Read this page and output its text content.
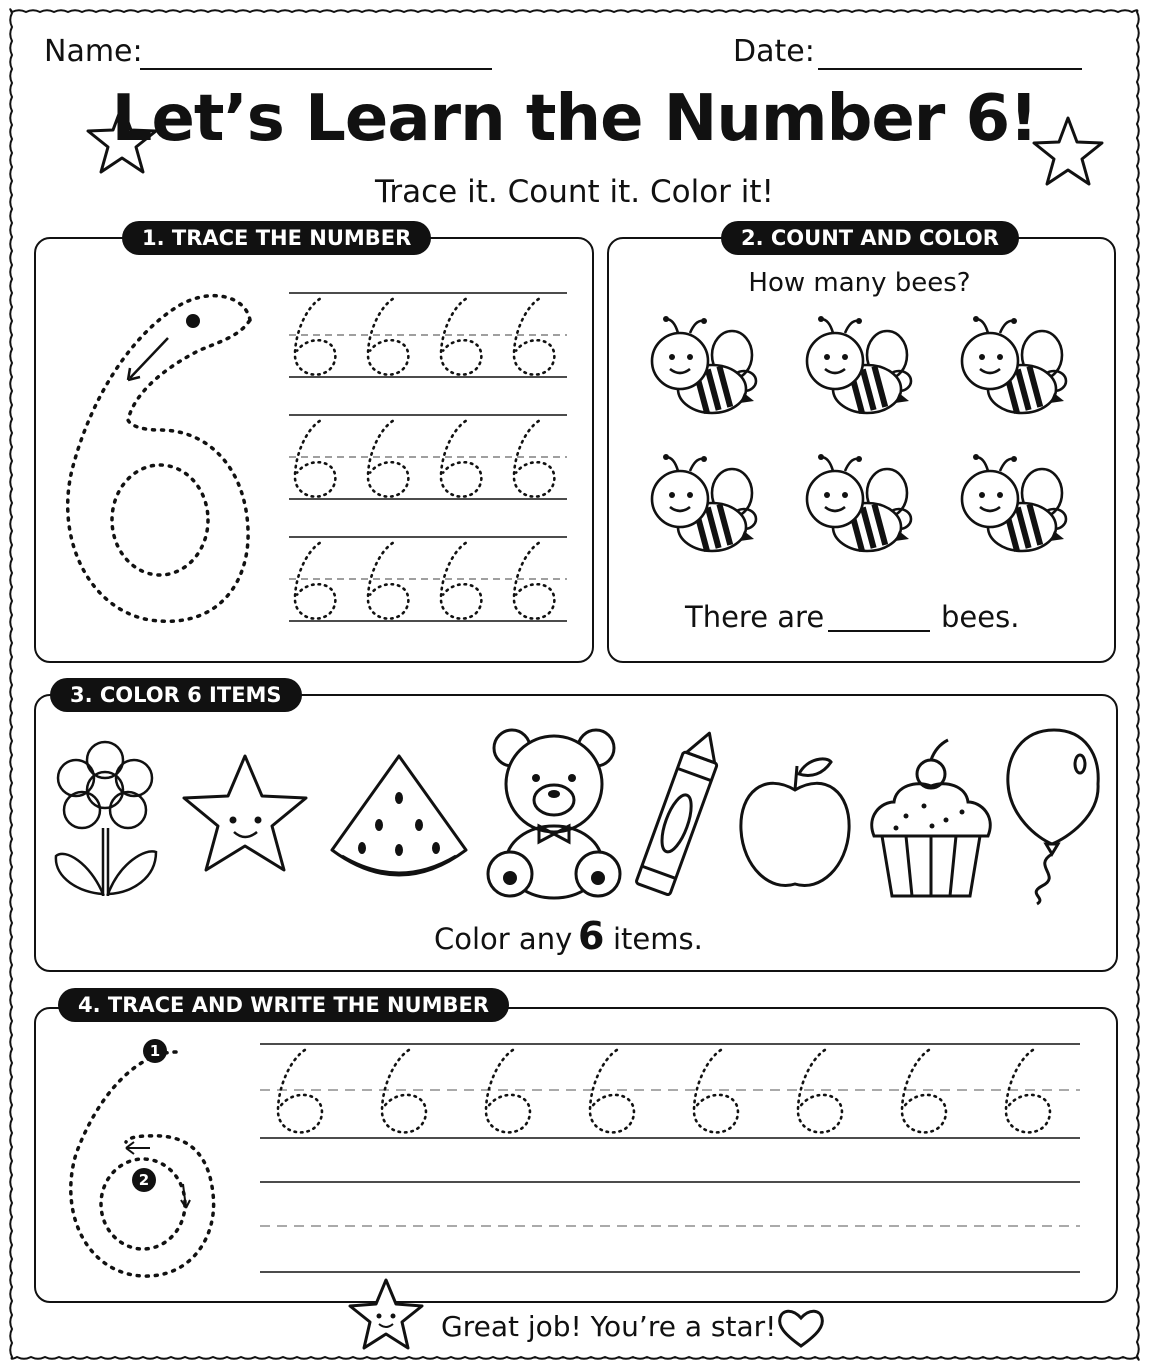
Name:	Date:
Let’s Learn the Number 6!
Trace it. Count it. Color it!
1. TRACE THE NUMBER	2. COUNT AND COLOR
How many bees?
There are	bees.
3. COLOR 6 ITEMS
Color any 6 items.
4. TRACE AND WRITE THE NUMBER
1
2
Great job! You’re a star!
